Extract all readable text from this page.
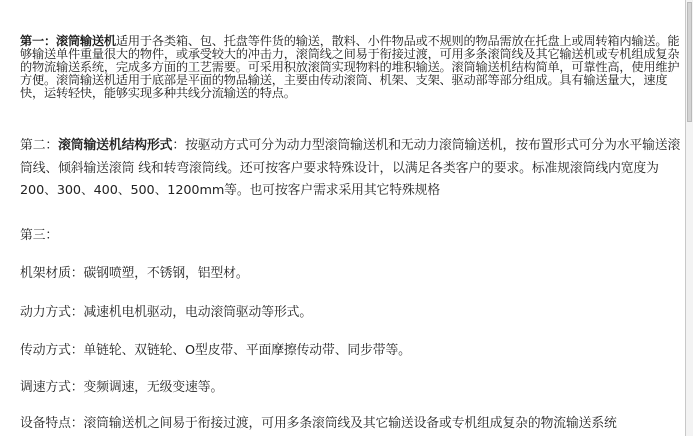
第一：滚筒输送机适用于各类箱、包、托盘等件货的输送，散料、小件物品或不规则的物品需放在托盘上或周转箱内输送。能够输送单件重量很大的物件，或承受较大的冲击力，滚筒线之间易于衔接过渡，可用多条滚筒线及其它输送机或专机组成复杂的物流输送系统，完成多方面的工艺需要。可采用积放滚筒实现物料的堆积输送。滚筒输送机结构简单，可靠性高，使用维护方便。滚筒输送机适用于底部是平面的物品输送，主要由传动滚筒、机架、支架、驱动部等部分组成。具有输送量大，速度快，运转轻快，能够实现多种共线分流输送的特点。
第二：滚筒输送机结构形式：按驱动方式可分为动力型滚筒输送机和无动力滚筒输送机，按布置形式可分为水平输送滚筒线、倾斜输送滚筒 线和转弯滚筒线。还可按客户要求特殊设计，以满足各类客户的要求。标准规滚筒线内宽度为200、300、400、500、1200mm等。也可按客户需求采用其它特殊规格
第三：
机架材质：碳钢喷塑，不锈钢，铝型材。
动力方式：减速机电机驱动，电动滚筒驱动等形式。
传动方式：单链轮、双链轮、O型皮带、平面摩擦传动带、同步带等。
调速方式：变频调速，无级变速等。
设备特点：滚筒输送机之间易于衔接过渡，可用多条滚筒线及其它输送设备或专机组成复杂的物流输送系统
